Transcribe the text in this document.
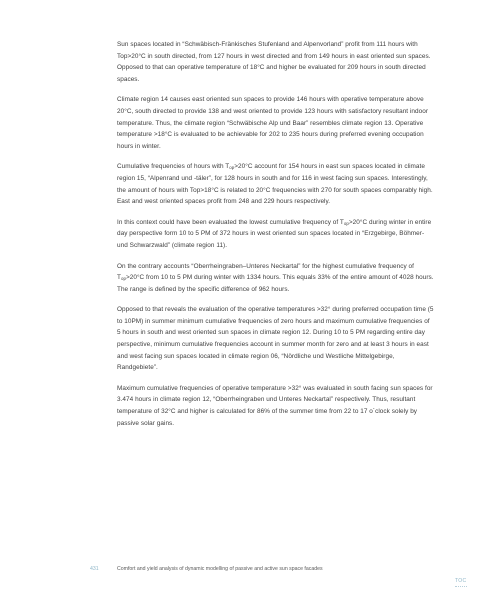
Sun spaces located in “Schwäbisch-Fränkisches Stufenland and Alpenvorland” profit from 111 hours with Top>20°C in south directed, from 127 hours in west directed and from 149 hours in east oriented sun spaces. Opposed to that can operative temperature of 18°C and higher be evaluated for 209 hours in south directed spaces.

Climate region 14 causes east oriented sun spaces to provide 146 hours with operative temperature above 20°C, south directed to provide 138 and west oriented to provide 123 hours with satisfactory resultant indoor temperature. Thus, the climate region “Schwäbische Alp und Baar” resembles climate region 13. Operative temperature >18°C is evaluated to be achievable for 202 to 235 hours during preferred evening occupation hours in winter.

Cumulative frequencies of hours with $T_{op}>20^\circ C$ account for 154 hours in east sun spaces located in climate region 15, “Alpenrand und -täler”, for 128 hours in south and for 116 in west facing sun spaces. Interestingly, the amount of hours with Top>18°C is related to 20°C frequencies with 270 for south spaces comparably high. East and west oriented spaces profit from 248 and 229 hours respectively.

In this context could have been evaluated the lowest cumulative frequency of $T_{op}>20^\circ C$ during winter in entire day perspective form 10 to 5 PM of 372 hours in west oriented sun spaces located in “Erzgebirge, Böhmer- und Schwarzwald” (climate region 11).

On the contrary accounts “Oberrheingraben–Unteres Neckartal” for the highest cumulative frequency of $T_{op}>20^\circ C$ from 10 to 5 PM during winter with 1334 hours. This equals 33% of the entire amount of 4028 hours. The range is defined by the specific difference of 962 hours.

Opposed to that reveals the evaluation of the operative temperatures >32° during preferred occupation time (5 to 10PM) in summer minimum cumulative frequencies of zero hours and maximum cumulative frequencies of 5 hours in south and west oriented sun spaces in climate region 12. During 10 to 5 PM regarding entire day perspective, minimum cumulative frequencies account in summer month for zero and at least 3 hours in east and west facing sun spaces located in climate region 06, “Nördliche und Westliche Mittelgebirge, Randgebiete”.

Maximum cumulative frequencies of operative temperature >32° was evaluated in south facing sun spaces for 3.474 hours in climate region 12, “Oberrheingraben und Unteres Neckartal” respectively. Thus, resultant temperature of 32°C and higher is calculated for 86% of the summer time from 22 to 17 o´clock solely by passive solar gains.

431	Comfort and yield analysis of dynamic modelling of passive and active sun space facades
TOC
